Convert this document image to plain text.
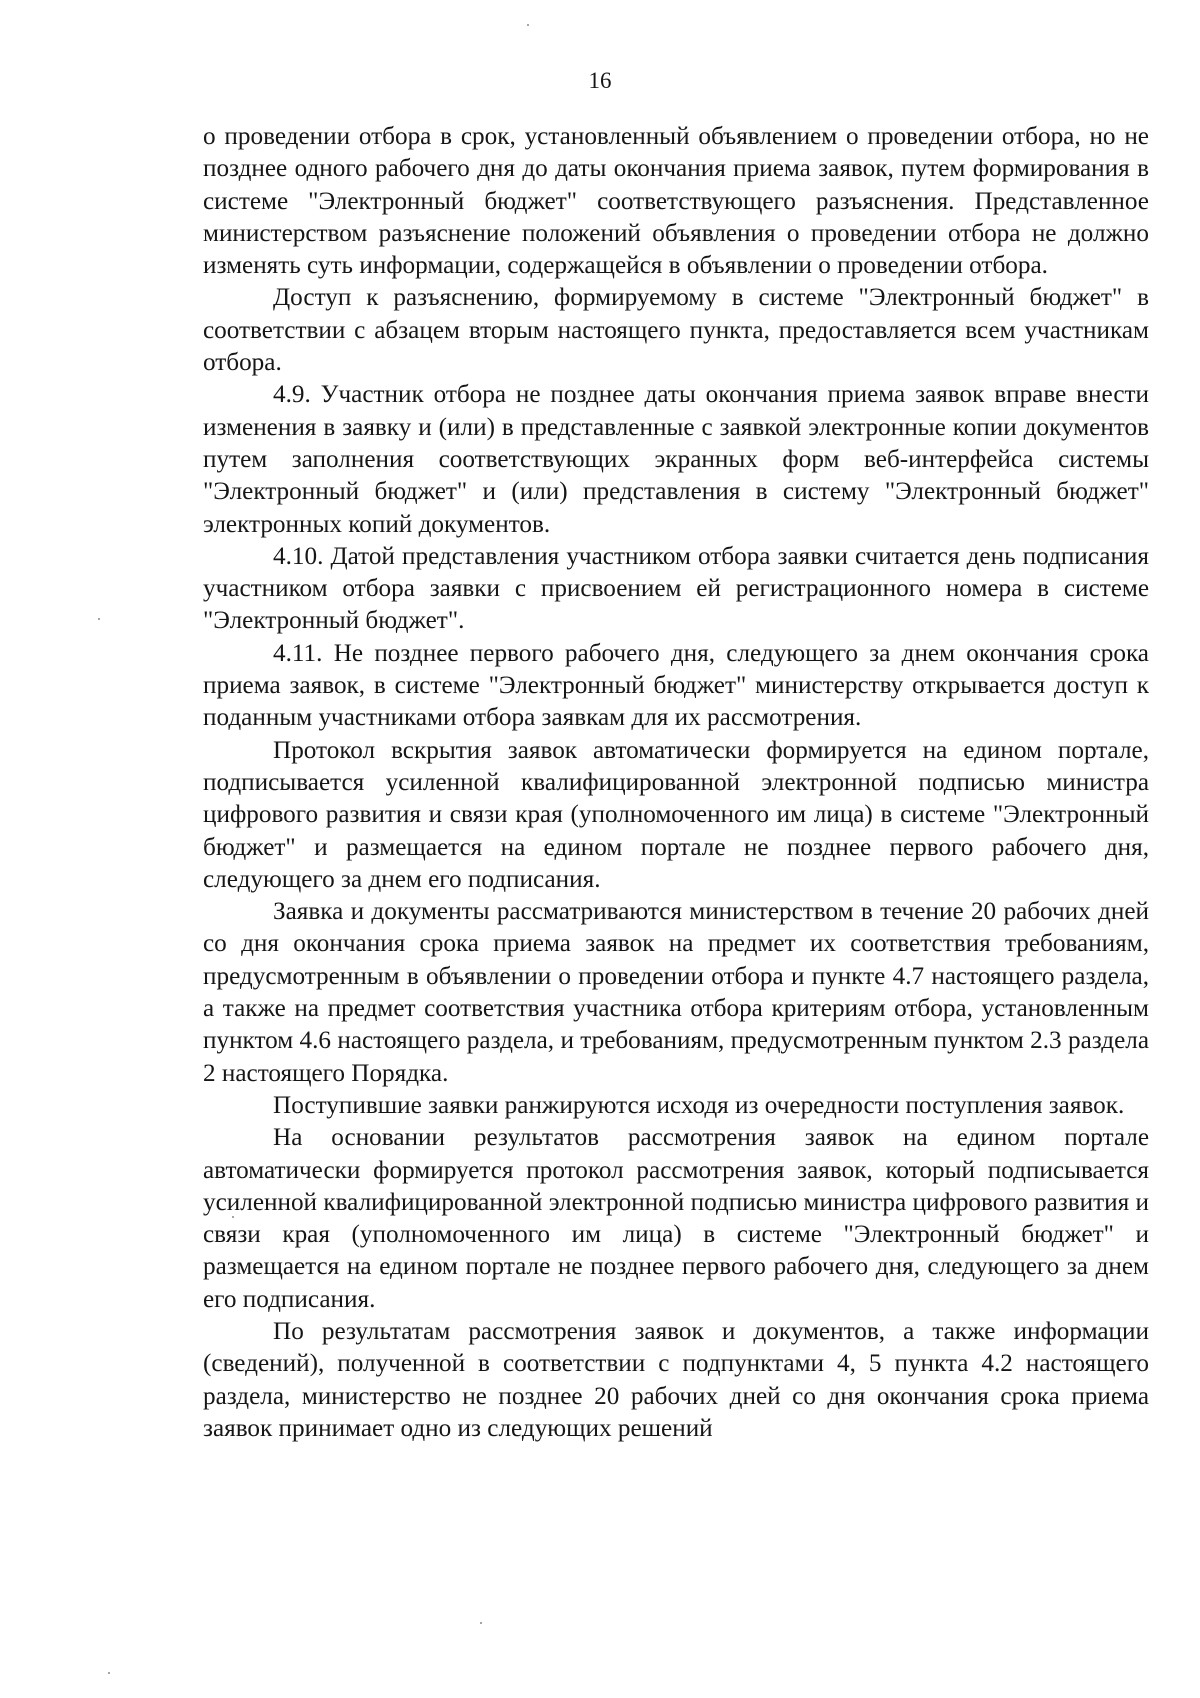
16

о проведении отбора в срок, установленный объявлением о проведении отбора, но не позднее одного рабочего дня до даты окончания приема заявок, путем формирования в системе "Электронный бюджет" соответствующего разъяснения. Представленное министерством разъяснение положений объявления о проведении отбора не должно изменять суть информации, содержащейся в объявлении о проведении отбора.

Доступ к разъяснению, формируемому в системе "Электронный бюджет" в соответствии с абзацем вторым настоящего пункта, предоставляется всем участникам отбора.

4.9. Участник отбора не позднее даты окончания приема заявок вправе внести изменения в заявку и (или) в представленные с заявкой электронные копии документов путем заполнения соответствующих экранных форм веб-интерфейса системы "Электронный бюджет" и (или) представления в систему "Электронный бюджет" электронных копий документов.

4.10. Датой представления участником отбора заявки считается день подписания участником отбора заявки с присвоением ей регистрационного номера в системе "Электронный бюджет".

4.11. Не позднее первого рабочего дня, следующего за днем окончания срока приема заявок, в системе "Электронный бюджет" министерству открывается доступ к поданным участниками отбора заявкам для их рассмотрения.

Протокол вскрытия заявок автоматически формируется на едином портале, подписывается усиленной квалифицированной электронной подписью министра цифрового развития и связи края (уполномоченного им лица) в системе "Электронный бюджет" и размещается на едином портале не позднее первого рабочего дня, следующего за днем его подписания.

Заявка и документы рассматриваются министерством в течение 20 рабочих дней со дня окончания срока приема заявок на предмет их соответствия требованиям, предусмотренным в объявлении о проведении отбора и пункте 4.7 настоящего раздела, а также на предмет соответствия участника отбора критериям отбора, установленным пунктом 4.6 настоящего раздела, и требованиям, предусмотренным пунктом 2.3 раздела 2 настоящего Порядка.

Поступившие заявки ранжируются исходя из очередности поступления заявок.

На основании результатов рассмотрения заявок на едином портале автоматически формируется протокол рассмотрения заявок, который подписывается усиленной квалифицированной электронной подписью министра цифрового развития и связи края (уполномоченного им лица) в системе "Электронный бюджет" и размещается на едином портале не позднее первого рабочего дня, следующего за днем его подписания.

По результатам рассмотрения заявок и документов, а также информации (сведений), полученной в соответствии с подпунктами 4, 5 пункта 4.2 настоящего раздела, министерство не позднее 20 рабочих дней со дня окончания срока приема заявок принимает одно из следующих решений
